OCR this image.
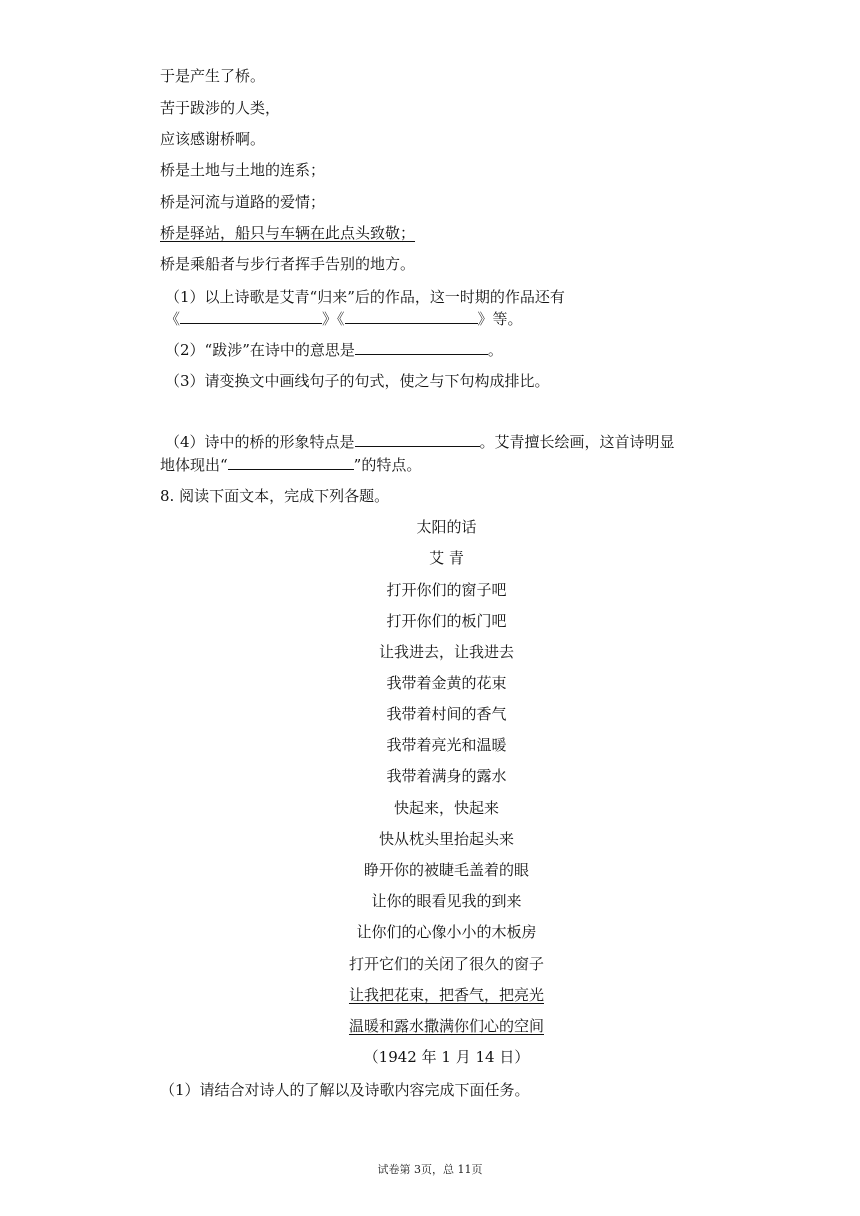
于是产生了桥。
苦于跋涉的人类，
应该感谢桥啊。
桥是土地与土地的连系；
桥是河流与道路的爱情；
桥是驿站，船只与车辆在此点头致敬；
桥是乘船者与步行者挥手告别的地方。
（1）以上诗歌是艾青“归来”后的作品，这一时期的作品还有
《	》《	》等。
（2）“跋涉”在诗中的意思是	。
（3）请变换文中画线句子的句式，使之与下句构成排比。
（4）诗中的桥的形象特点是	。艾青擅长绘画，这首诗明显
地体现出“	”的特点。
8. 阅读下面文本，完成下列各题。
太阳的话
艾 青
打开你们的窗子吧
打开你们的板门吧
让我进去，让我进去
我带着金黄的花束
我带着村间的香气
我带着亮光和温暖
我带着满身的露水
快起来，快起来
快从枕头里抬起头来
睁开你的被睫毛盖着的眼
让你的眼看见我的到来
让你们的心像小小的木板房
打开它们的关闭了很久的窗子
让我把花束，把香气，把亮光
温暖和露水撒满你们心的空间
（1942 年 1 月 14 日）
（1）请结合对诗人的了解以及诗歌内容完成下面任务。
试卷第 3页，总 11页
